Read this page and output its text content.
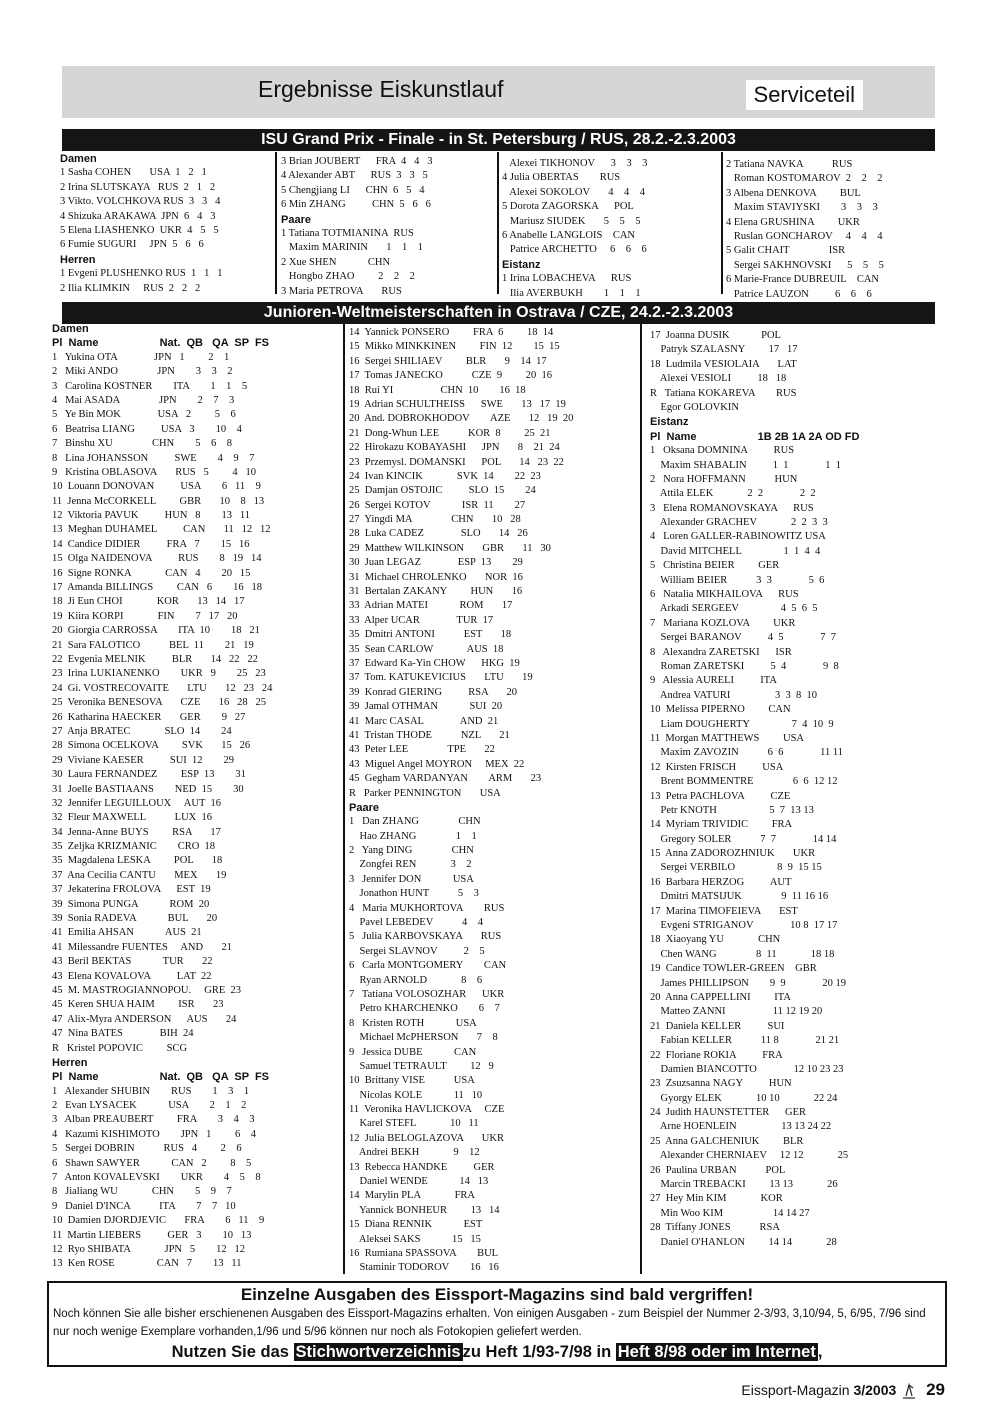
Ergebnisse Eiskunstlauf	Serviceteil
ISU Grand Prix - Finale - in St. Petersburg / RUS, 28.2.-2.3.2003
Damen
1 Sasha COHEN       USA  1   2   1
2 Irina SLUTSKAYA   RUS  2   1   2
3 Vikto. VOLCHKOVA RUS  3   3   4
4 Shizuka ARAKAWA  JPN  6   4   3
5 Elena LIASHENKO  UKR  4   5   5
6 Fumie SUGURI     JPN  5   6   6
Herren
1 Evgeni PLUSHENKO RUS  1   1   1
2 Ilia KLIMKIN     RUS  2   2   2
3 Brian JOUBERT      FRA  4   4   3
4 Alexander ABT      RUS  3   3   5
5 Chengjiang LI      CHN  6   5   4
6 Min ZHANG          CHN  5   6   6
Paare
1 Tatiana TOTMIANINA  RUS
Maxim MARININ       1    1    1
2 Xue SHEN            CHN
Hongbo ZHAO         2    2    2
3 Maria PETROVA       RUS
Alexei TIKHONOV      3    3    3
4 Julia OBERTAS        RUS
Alexei SOKOLOV       4    4    4
5 Dorota ZAGORSKA      POL
Mariusz SIUDEK       5    5    5
6 Anabelle LANGLOIS    CAN
Patrice ARCHETTO     6    6    6
Eistanz
1 Irina LOBACHEVA      RUS
Ilia AVERBUKH        1    1    1
2 Tatiana NAVKA           RUS
Roman KOSTOMAROV  2    2    2
3 Albena DENKOVA         BUL
Maxim STAVIYSKI        3    3    3
4 Elena GRUSHINA         UKR
Ruslan GONCHAROV     4    4    4
5 Galit CHAIT               ISR
Sergei SAKHNOVSKI      5    5    5
6 Marie-France DUBREUIL    CAN
Patrice LAUZON          6    6    6
Junioren-Weltmeisterschaften in Ostrava / CZE, 24.2.-2.3.2003
Damen
Pl  Name                    Nat.  QB   QA  SP  FS
1   Yukina OTA              JPN   1         2    1
2   Miki ANDO               JPN        3    3    2
3   Carolina KOSTNER        ITA        1    1    5
4   Mai ASADA               JPN        2    7    3
5   Ye Bin MOK              USA   2         5    6
6   Beatrisa LIANG          USA   3        10    4
7   Binshu XU               CHN        5    6    8
8   Lina JOHANSSON          SWE        4    9    7
9   Kristina OBLASOVA       RUS   5         4   10
10  Louann DONOVAN          USA        6   11    9
11  Jenna McCORKELL         GBR       10    8   13
12  Viktoria PAVUK          HUN   8        13   11
13  Meghan DUHAMEL          CAN       11   12   12
14  Candice DIDIER          FRA   7        15   16
15  Olga NAIDENOVA          RUS        8   19   14
16  Signe RONKA             CAN   4        20   15
17  Amanda BILLINGS         CAN   6        16   18
18  Ji Eun CHOI             KOR       13   14   17
19  Kiira KORPI             FIN        7   17   20
20  Giorgia CARROSSA        ITA  10        18   21
21  Sara FALOTICO           BEL  11        21   19
22  Evgenia MELNIK          BLR       14   22   22
23  Irina LUKIANENKO        UKR   9        25   23
24  Gi. VOSTRECOVAITE       LTU       12   23   24
25  Veronika BENESOVA       CZE       16   28   25
26  Katharina HAECKER       GER        9   27
27  Anja BRATEC             SLO  14        24
28  Simona OCELKOVA         SVK       15   26
29  Viviane KAESER          SUI  12        29
30  Laura FERNANDEZ         ESP  13        31
31  Joelle BASTIAANS        NED  15        30
32  Jennifer LEGUILLOUX     AUT  16
32  Fleur MAXWELL           LUX  16
34  Jenna-Anne BUYS         RSA       17
35  Zeljka KRIZMANIC        CRO  18
35  Magdalena LESKA         POL       18
37  Ana Cecilia CANTU       MEX       19
37  Jekaterina FROLOVA      EST  19
39  Simona PUNGA            ROM  20
39  Sonia RADEVA            BUL       20
41  Emilia AHSAN            AUS  21
41  Milessandre FUENTES     AND       21
43  Beril BEKTAS            TUR       22
43  Elena KOVALOVA          LAT  22
45  M. MASTROGIANNOPOU.     GRE  23
45  Keren SHUA HAIM         ISR       23
47  Alix-Myra ANDERSON      AUS       24
47  Nina BATES              BIH  24
R   Kristel POPOVIC         SCG
Herren
Pl  Name                    Nat.  QB   QA  SP  FS
1   Alexander SHUBIN        RUS        1    3    1
2   Evan LYSACEK            USA        2    1    2
3   Alban PREAUBERT         FRA        3    4    3
4   Kazumi KISHIMOTO        JPN   1         6    4
5   Sergei DOBRIN           RUS   4         2    6
6   Shawn SAWYER            CAN   2         8    5
7   Anton KOVALEVSKI        UKR        4    5    8
8   Jialiang WU             CHN        5    9    7
9   Daniel D'INCA           ITA        7    7   10
10  Damien DJORDJEVIC       FRA        6   11    9
11  Martin LIEBERS          GER   3        10   13
12  Ryo SHIBATA             JPN   5        12   12
13  Ken ROSE                CAN   7        13   11
14  Yannick PONSERO         FRA  6         18  14
15  Mikko MINKKINEN         FIN  12        15  15
16  Sergei SHILIAEV         BLR       9    14  17
17  Tomas JANECKO           CZE  9         20  16
18  Rui YI                  CHN  10        16  18
19  Adrian SCHULTHEISS      SWE       13   17  19
20  And. DOBROKHODOV        AZE       12   19  20
21  Dong-Whun LEE           KOR  8         25  21
22  Hirokazu KOBAYASHI      JPN       8    21  24
23  Przemysl. DOMANSKI      POL       14   23  22
24  Ivan KINCIK             SVK  14        22  23
25  Damjan OSTOJIC          SLO  15        24
26  Sergei KOTOV            ISR  11        27
27  Yingdi MA               CHN       10   28
28  Luka CADEZ              SLO       14   26
29  Matthew WILKINSON       GBR       11   30
30  Juan LEGAZ              ESP  13        29
31  Michael CHROLENKO       NOR  16
31  Bertalan ZAKANY         HUN       16
33  Adrian MATEI            ROM       17
33  Alper UCAR              TUR  17
35  Dmitri ANTONI           EST       18
35  Sean CARLOW             AUS  18
37  Edward Ka-Yin CHOW      HKG  19
37  Tom. KATUKEVICIUS       LTU       19
39  Konrad GIERING          RSA       20
39  Jamal OTHMAN            SUI  20
41  Marc CASAL              AND  21
41  Tristan THODE           NZL       21
43  Peter LEE               TPE       22
43  Miguel Angel MOYRON     MEX  22
45  Gegham VARDANYAN        ARM       23
R   Parker PENNINGTON       USA
Paare
1   Dan ZHANG               CHN
Hao ZHANG               1    1
2   Yang DING               CHN
Zongfei REN             3    2
3   Jennifer DON            USA
Jonathon HUNT           5    3
4   Maria MUKHORTOVA        RUS
Pavel LEBEDEV           4    4
5   Julia KARBOVSKAYA       RUS
Sergei SLAVNOV          2    5
6   Carla MONTGOMERY        CAN
Ryan ARNOLD             8    6
7   Tatiana VOLOSOZHAR      UKR
Petro KHARCHENKO        6    7
8   Kristen ROTH            USA
Michael McPHERSON       7    8
9   Jessica DUBE            CAN
Samuel TETRAULT         12   9
10  Brittany VISE           USA
Nicolas KOLE            11   10
11  Veronika HAVLICKOVA     CZE
Karel STEFL             10   11
12  Julia BELOGLAZOVA       UKR
Andrei BEKH             9    12
13  Rebecca HANDKE          GER
Daniel WENDE            14   13
14  Marylin PLA             FRA
Yannick BONHEUR         13   14
15  Diana RENNIK            EST
Aleksei SAKS            15   15
16  Rumiana SPASSOVA        BUL
Staminir TODOROV        16   16
17  Joanna DUSIK            POL
Patryk SZALASNY         17   17
18  Ludmila VESIOLAIA       LAT
Alexei VESIOLI          18   18
R   Tatiana KOKAREVA        RUS
Egor GOLOVKIN
Eistanz
Pl  Name                    1B 2B 1A 2A OD FD
1   Oksana DOMNINA          RUS
Maxim SHABALIN          1  1              1  1
2   Nora HOFFMANN           HUN
Attila ELEK             2  2              2  2
3   Elena ROMANOVSKAYA      RUS
Alexander GRACHEV             2  2  3  3
4   Loren GALLER-RABINOWITZ USA
David MITCHELL                1  1  4  4
5   Christina BEIER         GER
William BEIER           3  3              5  6
6   Natalia MIKHAILOVA      RUS
Arkadi SERGEEV                4  5  6  5
7   Mariana KOZLOVA         UKR
Sergei BARANOV          4  5              7  7
8   Alexandra ZARETSKI      ISR
Roman ZARETSKI          5  4              9  8
9   Alessia AURELI          ITA
Andrea VATURI                 3  3  8  10
10  Melissa PIPERNO         CAN
Liam DOUGHERTY                7  4  10  9
11  Morgan MATTHEWS         USA
Maxim ZAVOZIN           6  6              11 11
12  Kirsten FRISCH          USA
Brent BOMMENTRE               6  6  12 12
13  Petra PACHLOVA          CZE
Petr KNOTH                    5  7  13 13
14  Myriam TRIVIDIC         FRA
Gregory SOLER           7  7              14 14
15  Anna ZADOROZHNIUK       UKR
Sergei VERBILO                8  9  15 15
16  Barbara HERZOG          AUT
Dmitri MATSIJUK               9  11 16 16
17  Marina TIMOFEIEVA       EST
Evgeni STRIGANOV              10 8  17 17
18  Xiaoyang YU             CHN
Chen WANG               8  11             18 18
19  Candice TOWLER-GREEN    GBR
James PHILLIPSON        9  9              20 19
20  Anna CAPPELLINI         ITA
Matteo ZANNI                  11 12 19 20
21  Daniela KELLER          SUI
Fabian KELLER           11 8              21 21
22  Floriane ROKIA          FRA
Damien BIANCOTTO              12 10 23 23
23  Zsuzsanna NAGY          HUN
Gyorgy ELEK             10 10             22 24
24  Judith HAUNSTETTER      GER
Arne HOENLEIN                 13 13 24 22
25  Anna GALCHENIUK         BLR
Alexander CHERNIAEV     12 12             25
26  Paulina URBAN           POL
Marcin TREBACKI         13 13             26
27  Hey Min KIM             KOR
Min Woo KIM                   14 14 27
28  Tiffany JONES           RSA
Daniel O'HANLON         14 14             28
Einzelne Ausgaben des Eissport-Magazins sind bald vergriffen!
Noch können Sie alle bisher erschienenen Ausgaben des Eissport-Magazins erhalten. Von einigen Ausgaben - zum Beispiel der Nummer 2-3/93, 3,10/94, 5, 6/95, 7/96 sind nur noch wenige Exemplare vorhanden,1/96 und 5/96 können nur noch als Fotokopien geliefert werden.
Nutzen Sie das Stichwortverzeichnis zu Heft 1/93-7/98 in Heft 8/98 oder im Internet ,
Eissport-Magazin 3/2003 29
